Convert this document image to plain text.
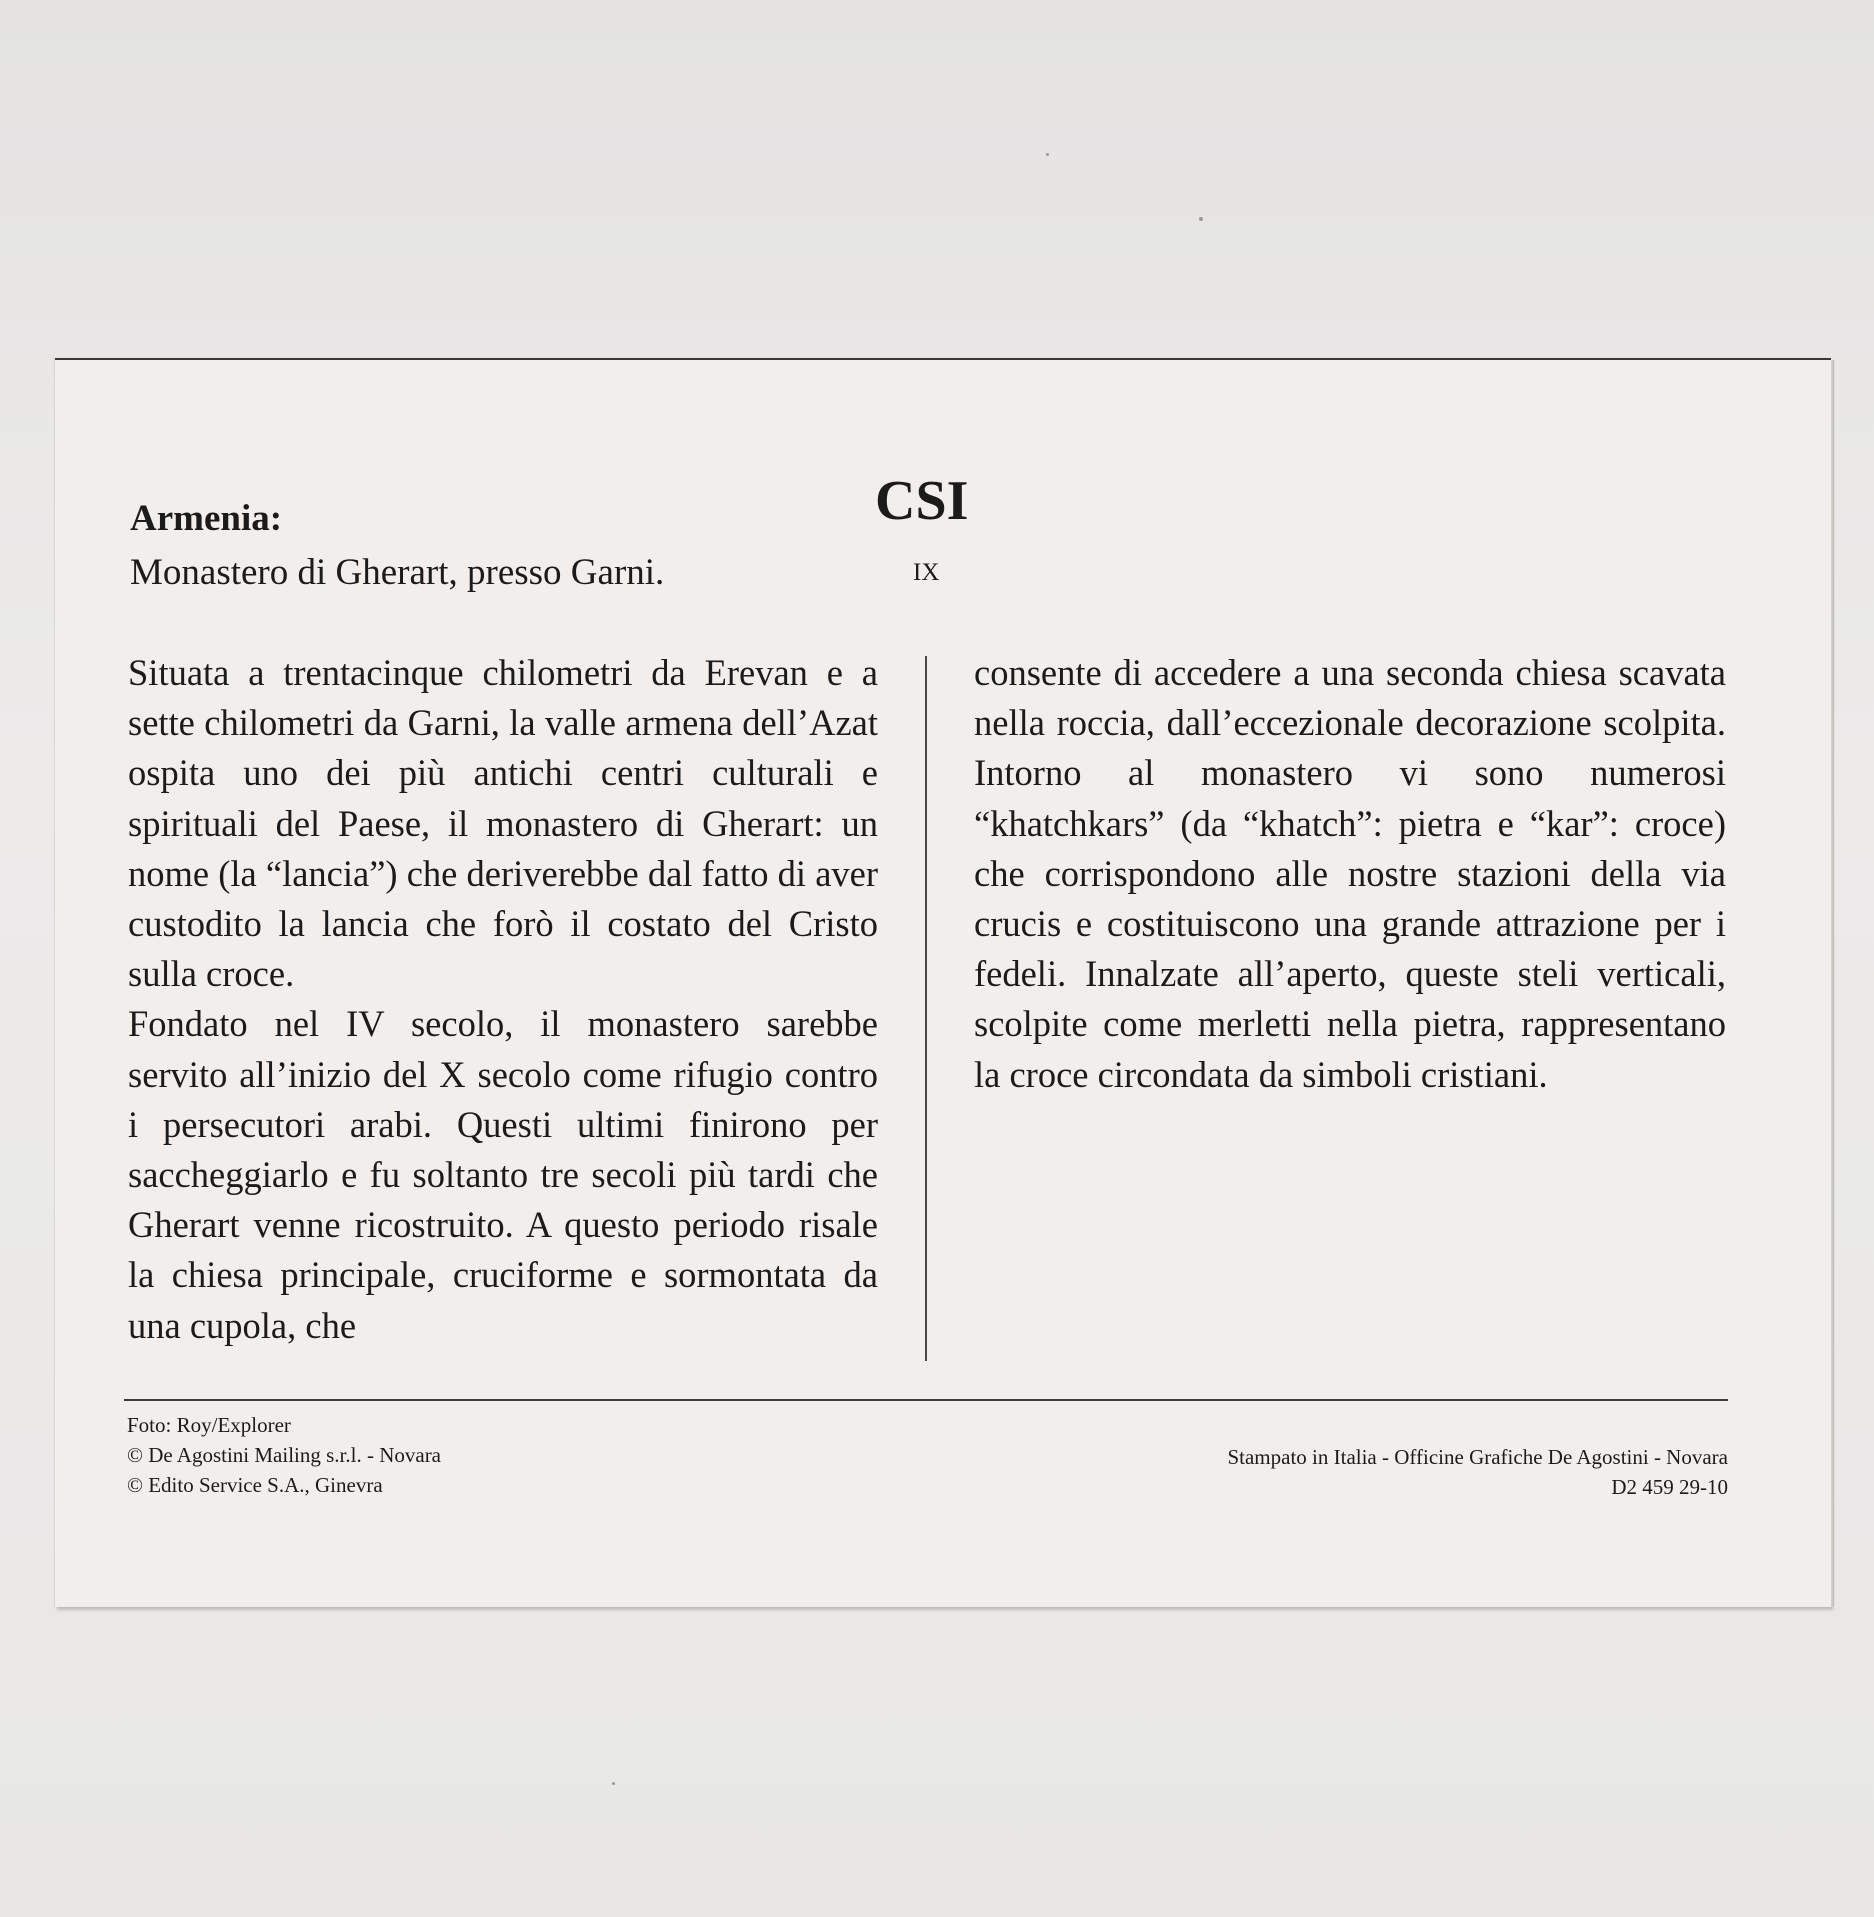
Armenia:
Monastero di Gherart, presso Garni.
CSI
IX

Situata a trentacinque chilometri da Erevan e a sette chilometri da Garni, la valle armena dell’Azat ospita uno dei più antichi centri culturali e spirituali del Paese, il monastero di Gherart: un nome (la “lancia”) che deriverebbe dal fatto di aver custodito la lancia che forò il costato del Cristo sulla croce.

Fondato nel IV secolo, il monastero sarebbe servito all’inizio del X secolo come rifugio contro i persecutori arabi. Questi ultimi finirono per saccheggiarlo e fu soltanto tre secoli più tardi che Gherart venne ricostruito. A questo periodo risale la chiesa principale, cruciforme e sormontata da una cupola, che

consente di accedere a una seconda chiesa scavata nella roccia, dall’eccezionale decorazione scolpita. Intorno al monastero vi sono numerosi “khatchkars” (da “khatch”: pietra e “kar”: croce) che corrispondono alle nostre stazioni della via crucis e costituiscono una grande attrazione per i fedeli. Innalzate all’aperto, queste steli verticali, scolpite come merletti nella pietra, rappresentano la croce circondata da simboli cristiani.

Foto: Roy/Explorer
© De Agostini Mailing s.r.l. - Novara
© Edito Service S.A., Ginevra
Stampato in Italia - Officine Grafiche De Agostini - Novara
D2 459 29-10
